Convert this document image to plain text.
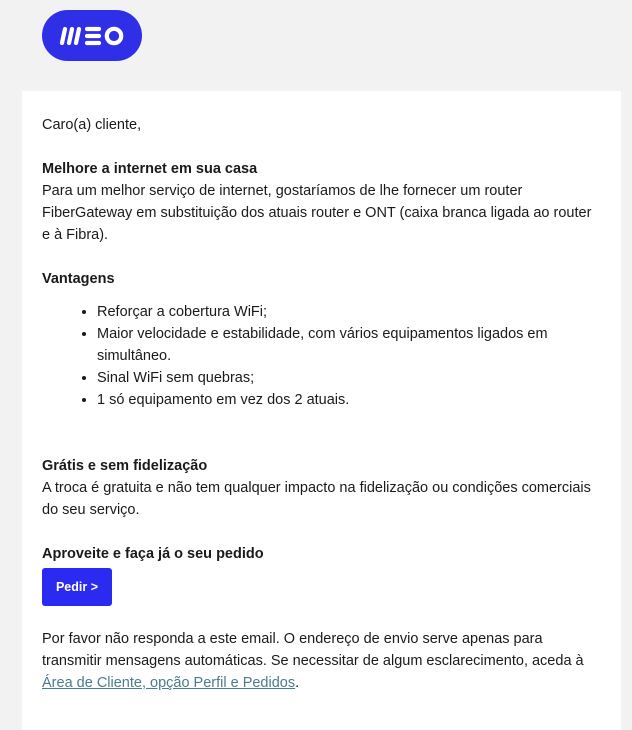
Caro(a) cliente,

Melhore a internet em sua casa

Para um melhor serviço de internet, gostaríamos de lhe fornecer um router FiberGateway em substituição dos atuais router e ONT (caixa branca ligada ao router e à Fibra).

Vantagens

• Reforçar a cobertura WiFi;
• Maior velocidade e estabilidade, com vários equipamentos ligados em simultâneo.
• Sinal WiFi sem quebras;
• 1 só equipamento em vez dos 2 atuais.

Grátis e sem fidelização

A troca é gratuita e não tem qualquer impacto na fidelização ou condições comerciais do seu serviço.

Aproveite e faça já o seu pedido

Pedir >

Por favor não responda a este email. O endereço de envio serve apenas para transmitir mensagens automáticas. Se necessitar de algum esclarecimento, aceda à Área de Cliente, opção Perfil e Pedidos.
